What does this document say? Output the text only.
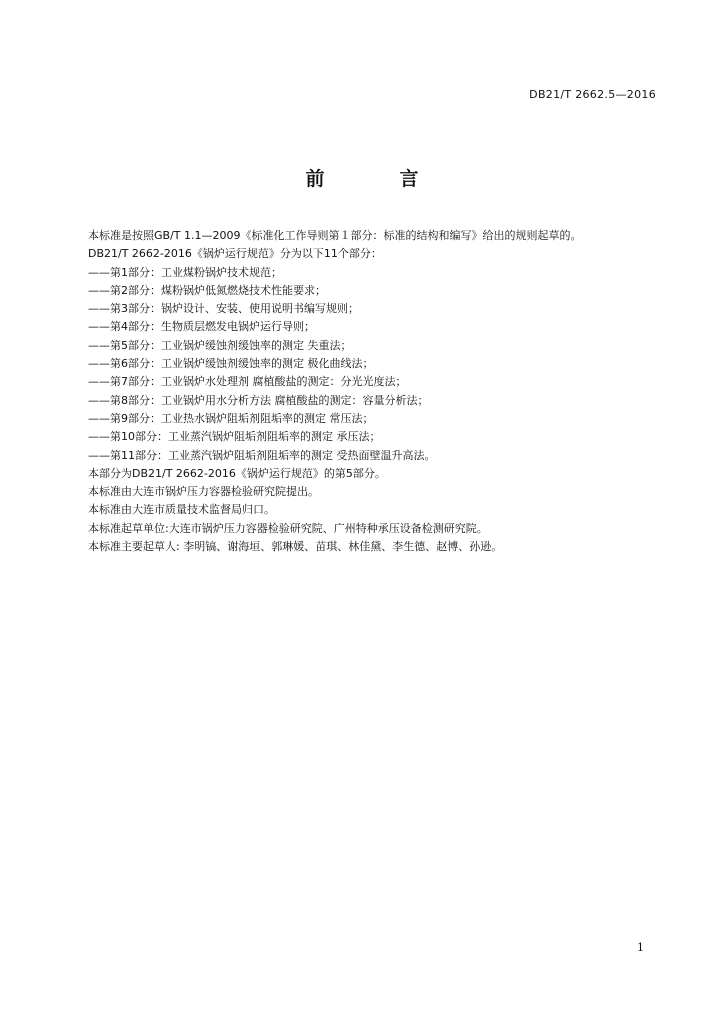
DB21/T 2662.5—2016
前　言

本标准是按照GB/T 1.1—2009《标准化工作导则第１部分：标准的结构和编写》给出的规则起草的。

DB21/T 2662-2016《锅炉运行规范》分为以下11个部分：

——第1部分：工业煤粉锅炉技术规范；

——第2部分：煤粉锅炉低氮燃烧技术性能要求；

——第3部分：锅炉设计、安装、使用说明书编写规则；

——第4部分：生物质层燃发电锅炉运行导则；

——第5部分：工业锅炉缓蚀剂缓蚀率的测定 失重法；

——第6部分：工业锅炉缓蚀剂缓蚀率的测定 极化曲线法；

——第7部分：工业锅炉水处理剂 腐植酸盐的测定：分光光度法；

——第8部分：工业锅炉用水分析方法 腐植酸盐的测定：容量分析法；

——第9部分：工业热水锅炉阻垢剂阻垢率的测定 常压法；

——第10部分：工业蒸汽锅炉阻垢剂阻垢率的测定 承压法；

——第11部分：工业蒸汽锅炉阻垢剂阻垢率的测定 受热面壁温升高法。

本部分为DB21/T 2662-2016《锅炉运行规范》的第5部分。

本标准由大连市锅炉压力容器检验研究院提出。

本标准由大连市质量技术监督局归口。

本标准起草单位:大连市锅炉压力容器检验研究院、广州特种承压设备检测研究院。

本标准主要起草人: 李明镐、谢海垣、郭琳媛、苗琪、林佳黛、李生德、赵博、孙逊。

1
